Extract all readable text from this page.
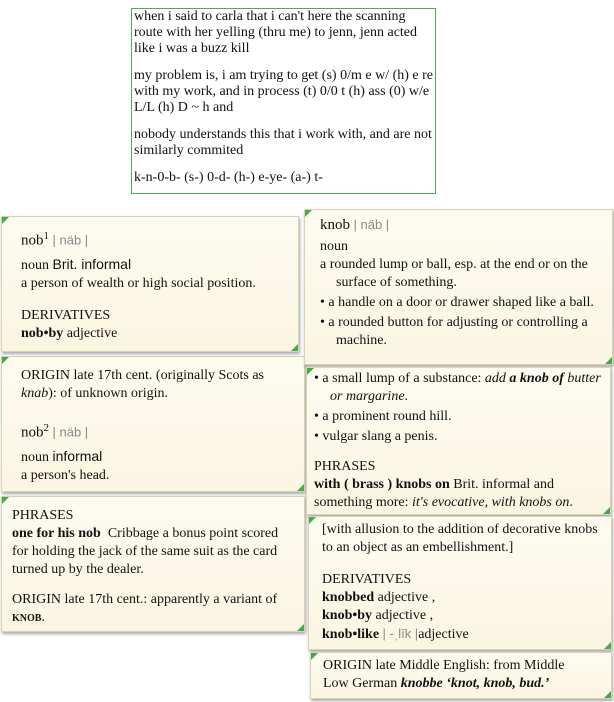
when i said to carla that i can't here the scanning route with her yelling (thru me) to jenn, jenn acted like i was a buzz kill

my problem is, i am trying to get (s) 0/m e w/ (h) e re with my work, and in process (t) 0/0 t (h) ass (0) w/e L/L (h) D ~ h and

nobody understands this that i work with, and are not similarly commited

k-n-0-b- (s-) 0-d- (h-) e-ye- (a-) t-

nob$^1$ | näb |
noun Brit. informal
a person of wealth or high social position.
DERIVATIVES
nob•by adjective
ORIGIN late 17th cent. (originally Scots as
knab): of unknown origin.
nob$^2$ | näb |
noun informal
a person's head.
PHRASES
one for his nob Cribbage a bonus point scored for holding the jack of the same suit as the card turned up by the dealer.
ORIGIN late 17th cent.: apparently a variant of knob.
knob | näb |
noun
a rounded lump or ball, esp. at the end or on the surface of something.
• a handle on a door or drawer shaped like a ball.
• a rounded button for adjusting or controlling a machine.
• a small lump of a substance: add a knob of butter or margarine.
• a prominent round hill.
• vulgar slang a penis.
PHRASES
with ( brass ) knobs on Brit. informal and something more: it's evocative, with knobs on.
[with allusion to the addition of decorative knobs to an object as an embellishment.]
DERIVATIVES
knobbed adjective ,
knob•by adjective ,
knob•like | -ˌlīk |adjective
ORIGIN late Middle English: from Middle
Low German knobbe ‘knot, knob, bud.’
